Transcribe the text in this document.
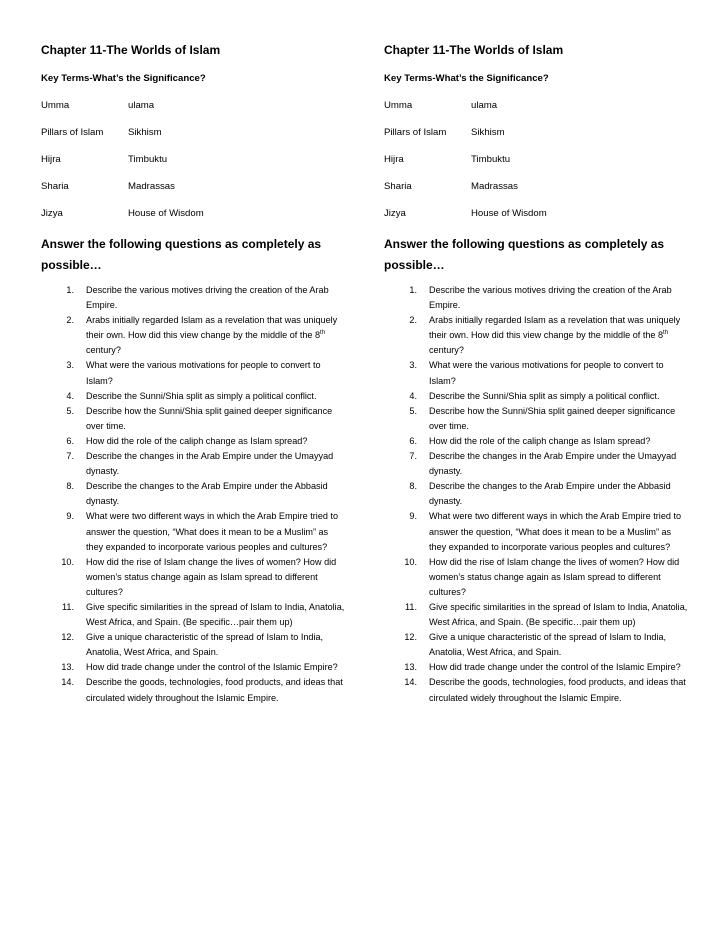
Chapter 11-The Worlds of Islam
Key Terms-What’s the Significance?
Umma	ulama
Pillars of Islam	Sikhism
Hijra	Timbuktu
Sharia	Madrassas
Jizya	House of Wisdom
Answer the following questions as completely as possible…
1. Describe the various motives driving the creation of the Arab Empire.
2. Arabs initially regarded Islam as a revelation that was uniquely their own. How did this view change by the middle of the 8th century?
3. What were the various motivations for people to convert to Islam?
4. Describe the Sunni/Shia split as simply a political conflict.
5. Describe how the Sunni/Shia split gained deeper significance over time.
6. How did the role of the caliph change as Islam spread?
7. Describe the changes in the Arab Empire under the Umayyad dynasty.
8. Describe the changes to the Arab Empire under the Abbasid dynasty.
9. What were two different ways in which the Arab Empire tried to answer the question, “What does it mean to be a Muslim” as they expanded to incorporate various peoples and cultures?
10. How did the rise of Islam change the lives of women? How did women’s status change again as Islam spread to different cultures?
11. Give specific similarities in the spread of Islam to India, Anatolia, West Africa, and Spain. (Be specific…pair them up)
12. Give a unique characteristic of the spread of Islam to India, Anatolia, West Africa, and Spain.
13. How did trade change under the control of the Islamic Empire?
14. Describe the goods, technologies, food products, and ideas that circulated widely throughout the Islamic Empire.
Chapter 11-The Worlds of Islam
Key Terms-What’s the Significance?
Umma	ulama
Pillars of Islam	Sikhism
Hijra	Timbuktu
Sharia	Madrassas
Jizya	House of Wisdom
Answer the following questions as completely as possible…
1. Describe the various motives driving the creation of the Arab Empire.
2. Arabs initially regarded Islam as a revelation that was uniquely their own. How did this view change by the middle of the 8th century?
3. What were the various motivations for people to convert to Islam?
4. Describe the Sunni/Shia split as simply a political conflict.
5. Describe how the Sunni/Shia split gained deeper significance over time.
6. How did the role of the caliph change as Islam spread?
7. Describe the changes in the Arab Empire under the Umayyad dynasty.
8. Describe the changes to the Arab Empire under the Abbasid dynasty.
9. What were two different ways in which the Arab Empire tried to answer the question, “What does it mean to be a Muslim” as they expanded to incorporate various peoples and cultures?
10. How did the rise of Islam change the lives of women? How did women’s status change again as Islam spread to different cultures?
11. Give specific similarities in the spread of Islam to India, Anatolia, West Africa, and Spain. (Be specific…pair them up)
12. Give a unique characteristic of the spread of Islam to India, Anatolia, West Africa, and Spain.
13. How did trade change under the control of the Islamic Empire?
14. Describe the goods, technologies, food products, and ideas that circulated widely throughout the Islamic Empire.
